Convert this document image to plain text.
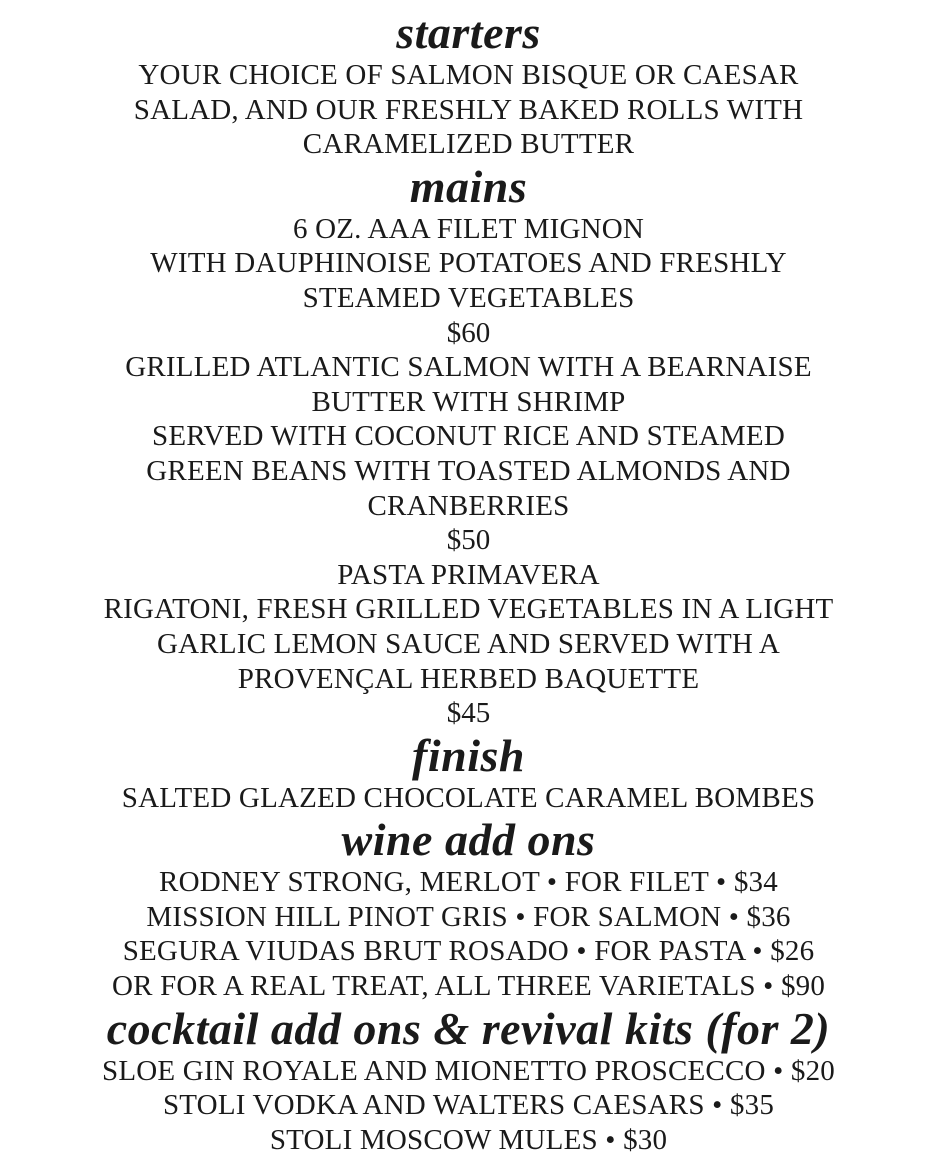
starters

YOUR CHOICE OF SALMON BISQUE OR CAESAR

SALAD, AND OUR FRESHLY BAKED ROLLS WITH

CARAMELIZED BUTTER

mains

6 OZ. AAA FILET MIGNON

WITH DAUPHINOISE POTATOES AND FRESHLY

STEAMED VEGETABLES

$60

GRILLED ATLANTIC SALMON WITH A BEARNAISE

BUTTER WITH SHRIMP

SERVED WITH COCONUT RICE AND STEAMED

GREEN BEANS WITH TOASTED ALMONDS AND

CRANBERRIES

$50

PASTA PRIMAVERA

RIGATONI, FRESH GRILLED VEGETABLES IN A LIGHT

GARLIC LEMON SAUCE AND SERVED WITH A

PROVENÇAL HERBED BAQUETTE

$45

finish

SALTED GLAZED CHOCOLATE CARAMEL BOMBES

wine add ons

RODNEY STRONG, MERLOT • FOR FILET • $34

MISSION HILL PINOT GRIS • FOR SALMON • $36

SEGURA VIUDAS BRUT ROSADO • FOR PASTA • $26

OR FOR A REAL TREAT, ALL THREE VARIETALS • $90

cocktail add ons & revival kits (for 2)

SLOE GIN ROYALE AND MIONETTO PROSCECCO • $20

STOLI VODKA AND WALTERS CAESARS • $35

STOLI MOSCOW MULES • $30
